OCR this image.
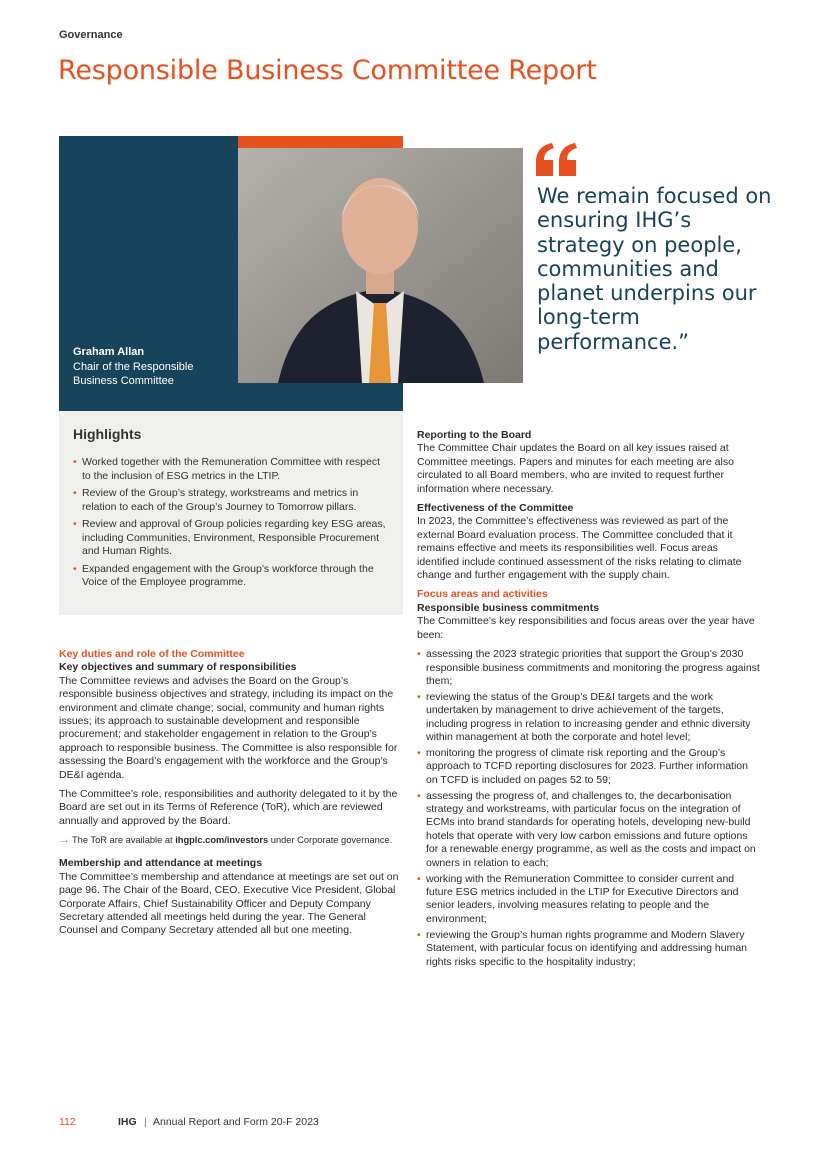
Governance
Responsible Business Committee Report
Graham Allan
Chair of the Responsible Business Committee
We remain focused on ensuring IHG’s strategy on people, communities and planet underpins our long-term performance.”
Highlights
• Worked together with the Remuneration Committee with respect to the inclusion of ESG metrics in the LTIP.
• Review of the Group’s strategy, workstreams and metrics in relation to each of the Group’s Journey to Tomorrow pillars.
• Review and approval of Group policies regarding key ESG areas, including Communities, Environment, Responsible Procurement and Human Rights.
• Expanded engagement with the Group’s workforce through the Voice of the Employee programme.
Key duties and role of the Committee
Key objectives and summary of responsibilities

The Committee reviews and advises the Board on the Group’s responsible business objectives and strategy, including its impact on the environment and climate change; social, community and human rights issues; its approach to sustainable development and responsible procurement; and stakeholder engagement in relation to the Group’s approach to responsible business. The Committee is also responsible for assessing the Board’s engagement with the workforce and the Group’s DE&I agenda.

The Committee’s role, responsibilities and authority delegated to it by the Board are set out in its Terms of Reference (ToR), which are reviewed annually and approved by the Board.

→ The ToR are available at ihgplc.com/investors under Corporate governance.
Membership and attendance at meetings

The Committee’s membership and attendance at meetings are set out on page 96. The Chair of the Board, CEO, Executive Vice President, Global Corporate Affairs, Chief Sustainability Officer and Deputy Company Secretary attended all meetings held during the year. The General Counsel and Company Secretary attended all but one meeting.

Reporting to the Board

The Committee Chair updates the Board on all key issues raised at Committee meetings. Papers and minutes for each meeting are also circulated to all Board members, who are invited to request further information where necessary.

Effectiveness of the Committee

In 2023, the Committee’s effectiveness was reviewed as part of the external Board evaluation process. The Committee concluded that it remains effective and meets its responsibilities well. Focus areas identified include continued assessment of the risks relating to climate change and further engagement with the supply chain.

Focus areas and activities
Responsible business commitments

The Committee’s key responsibilities and focus areas over the year have been:

• assessing the 2023 strategic priorities that support the Group’s 2030 responsible business commitments and monitoring the progress against them;
• reviewing the status of the Group’s DE&I targets and the work undertaken by management to drive achievement of the targets, including progress in relation to increasing gender and ethnic diversity within management at both the corporate and hotel level;
• monitoring the progress of climate risk reporting and the Group’s approach to TCFD reporting disclosures for 2023. Further information on TCFD is included on pages 52 to 59;
• assessing the progress of, and challenges to, the decarbonisation strategy and workstreams, with particular focus on the integration of ECMs into brand standards for operating hotels, developing new-build hotels that operate with very low carbon emissions and future options for a renewable energy programme, as well as the costs and impact on owners in relation to each;
• working with the Remuneration Committee to consider current and future ESG metrics included in the LTIP for Executive Directors and senior leaders, involving measures relating to people and the environment;
• reviewing the Group’s human rights programme and Modern Slavery Statement, with particular focus on identifying and addressing human rights risks specific to the hospitality industry;
112	IHG | Annual Report and Form 20-F 2023
